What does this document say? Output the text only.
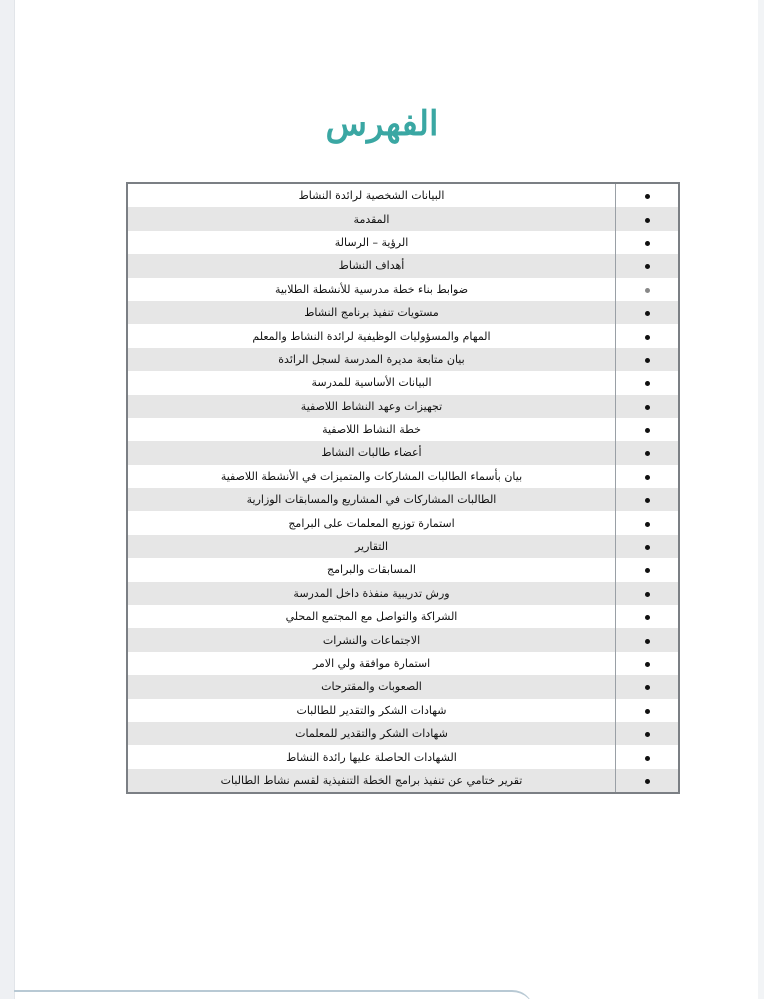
الفهرس
	البيانات الشخصية لرائدة النشاط
	المقدمة
	الرؤية – الرسالة
	أهداف النشاط
	ضوابط بناء خطة مدرسية للأنشطة الطلابية
	مستويات تنفيذ برنامج النشاط
	المهام والمسؤوليات الوظيفية لرائدة النشاط والمعلم
	بيان متابعة مديرة المدرسة لسجل الرائدة
	البيانات الأساسية للمدرسة
	تجهيزات وعهد النشاط اللاصفية
	خطة النشاط اللاصفية
	أعضاء طالبات النشاط
	بيان بأسماء الطالبات المشاركات والمتميزات في الأنشطة اللاصفية
	الطالبات المشاركات في المشاريع والمسابقات الوزارية
	استمارة توزيع المعلمات على البرامج
	التقارير
	المسابقات والبرامج
	ورش تدريبية منفذة داخل المدرسة
	الشراكة والتواصل مع المجتمع المحلي
	الاجتماعات والنشرات
	استمارة موافقة ولي الامر
	الصعوبات والمقترحات
	شهادات الشكر والتقدير للطالبات
	شهادات الشكر والتقدير للمعلمات
	الشهادات الحاصلة عليها رائدة النشاط
	تقرير ختامي عن تنفيذ برامج الخطة التنفيذية لقسم نشاط الطالبات
